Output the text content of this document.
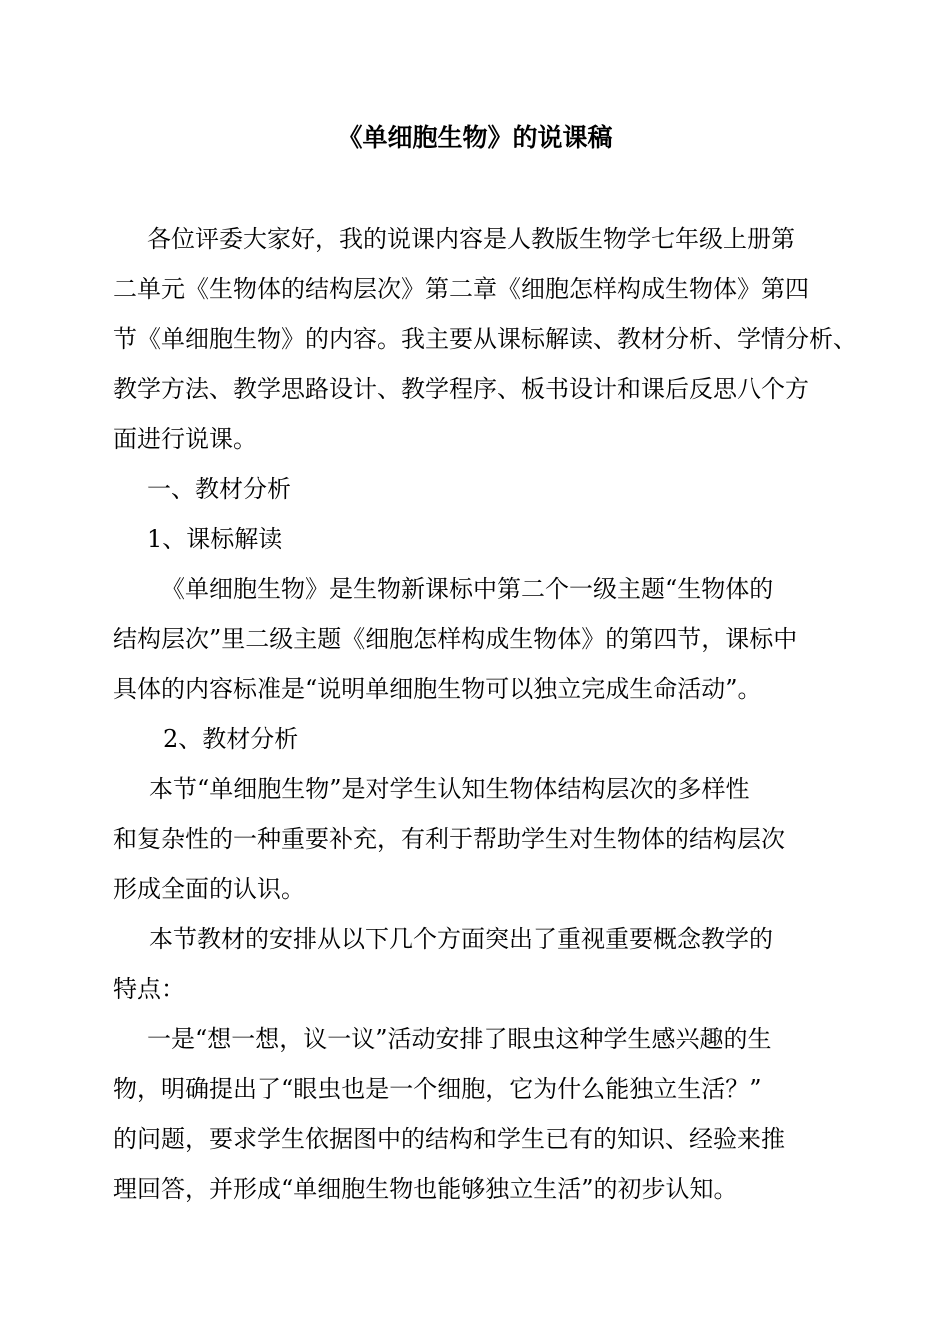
《单细胞生物》的说课稿
各位评委大家好，我的说课内容是人教版生物学七年级上册第
二单元《生物体的结构层次》第二章《细胞怎样构成生物体》第四
节《单细胞生物》的内容。我主要从课标解读、教材分析、学情分析、
教学方法、教学思路设计、教学程序、板书设计和课后反思八个方
面进行说课。
一、教材分析
1、课标解读
《单细胞生物》是生物新课标中第二个一级主题“生物体的
结构层次”里二级主题《细胞怎样构成生物体》的第四节，课标中
具体的内容标准是“说明单细胞生物可以独立完成生命活动”。
2、教材分析
本节“单细胞生物”是对学生认知生物体结构层次的多样性
和复杂性的一种重要补充，有利于帮助学生对生物体的结构层次
形成全面的认识。
本节教材的安排从以下几个方面突出了重视重要概念教学的
特点：
一是“想一想，议一议”活动安排了眼虫这种学生感兴趣的生
物，明确提出了“眼虫也是一个细胞，它为什么能独立生活？”
的问题，要求学生依据图中的结构和学生已有的知识、经验来推
理回答，并形成“单细胞生物也能够独立生活”的初步认知。
